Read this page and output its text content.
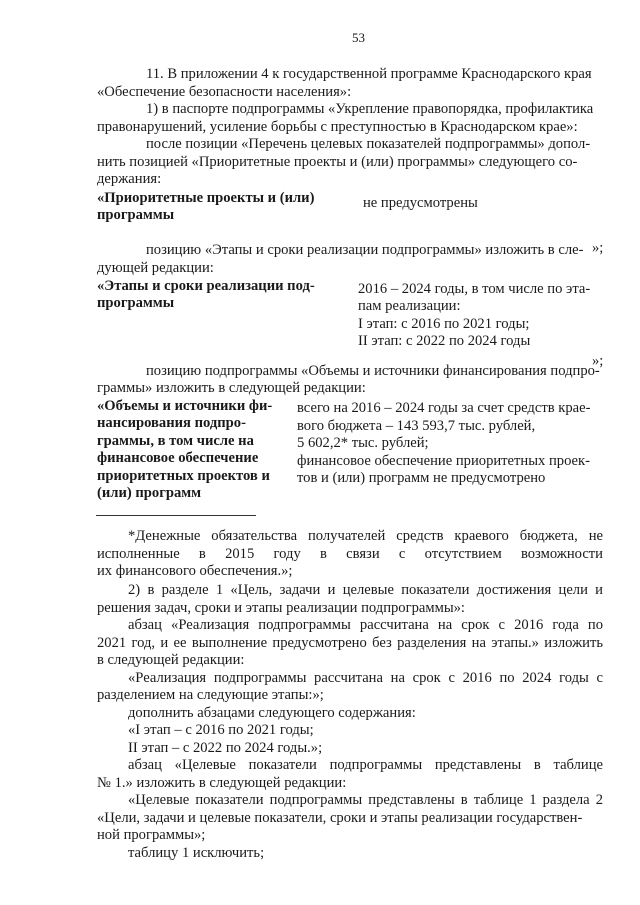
53
11. В приложении 4 к государственной программе Краснодарского края
«Обеспечение безопасности населения»:
1) в паспорте подпрограммы «Укрепление правопорядка, профилактика
правонарушений, усиление борьбы с преступностью в Краснодарском крае»:
после позиции «Перечень целевых показателей подпрограммы» допол-
нить позицией «Приоритетные проекты и (или) программы» следующего со-
держания:
«Приоритетные проекты и (или)
программы
не предусмотрены
»;
позицию «Этапы и сроки реализации подпрограммы» изложить в сле-
дующей редакции:
«Этапы и сроки реализации под-
программы
2016 – 2024 годы, в том числе по эта-
пам реализации:
I этап: с 2016 по 2021 годы;
II этап: с 2022 по 2024 годы
»;
позицию подпрограммы «Объемы и источники финансирования подпро-
граммы» изложить в следующей редакции:
«Объемы и источники фи-
нансирования подпро-
граммы, в том числе на
финансовое обеспечение
приоритетных проектов и
(или) программ
всего на 2016 – 2024 годы за счет средств крае-
вого бюджета – 143 593,7 тыс. рублей,
5 602,2* тыс. рублей;
финансовое обеспечение приоритетных проек-
тов и (или) программ не предусмотрено
*Денежные обязательства получателей средств краевого бюджета, не
исполненные в 2015 году в связи с отсутствием возможности
их финансового обеспечения.»;
2) в разделе 1 «Цель, задачи и целевые показатели достижения цели и
решения задач, сроки и этапы реализации подпрограммы»:
абзац «Реализация подпрограммы рассчитана на срок с 2016 года по
2021 год, и ее выполнение предусмотрено без разделения на этапы.» изложить
в следующей редакции:
«Реализация подпрограммы рассчитана на срок с 2016 по 2024 годы с
разделением на следующие этапы:»;
дополнить абзацами следующего содержания:
«I этап – с 2016 по 2021 годы;
II этап – с 2022 по 2024 годы.»;
абзац «Целевые показатели подпрограммы представлены в таблице
№ 1.» изложить в следующей редакции:
«Целевые показатели подпрограммы представлены в таблице 1 раздела 2
«Цели, задачи и целевые показатели, сроки и этапы реализации государствен-
ной программы»;
таблицу 1 исключить;
